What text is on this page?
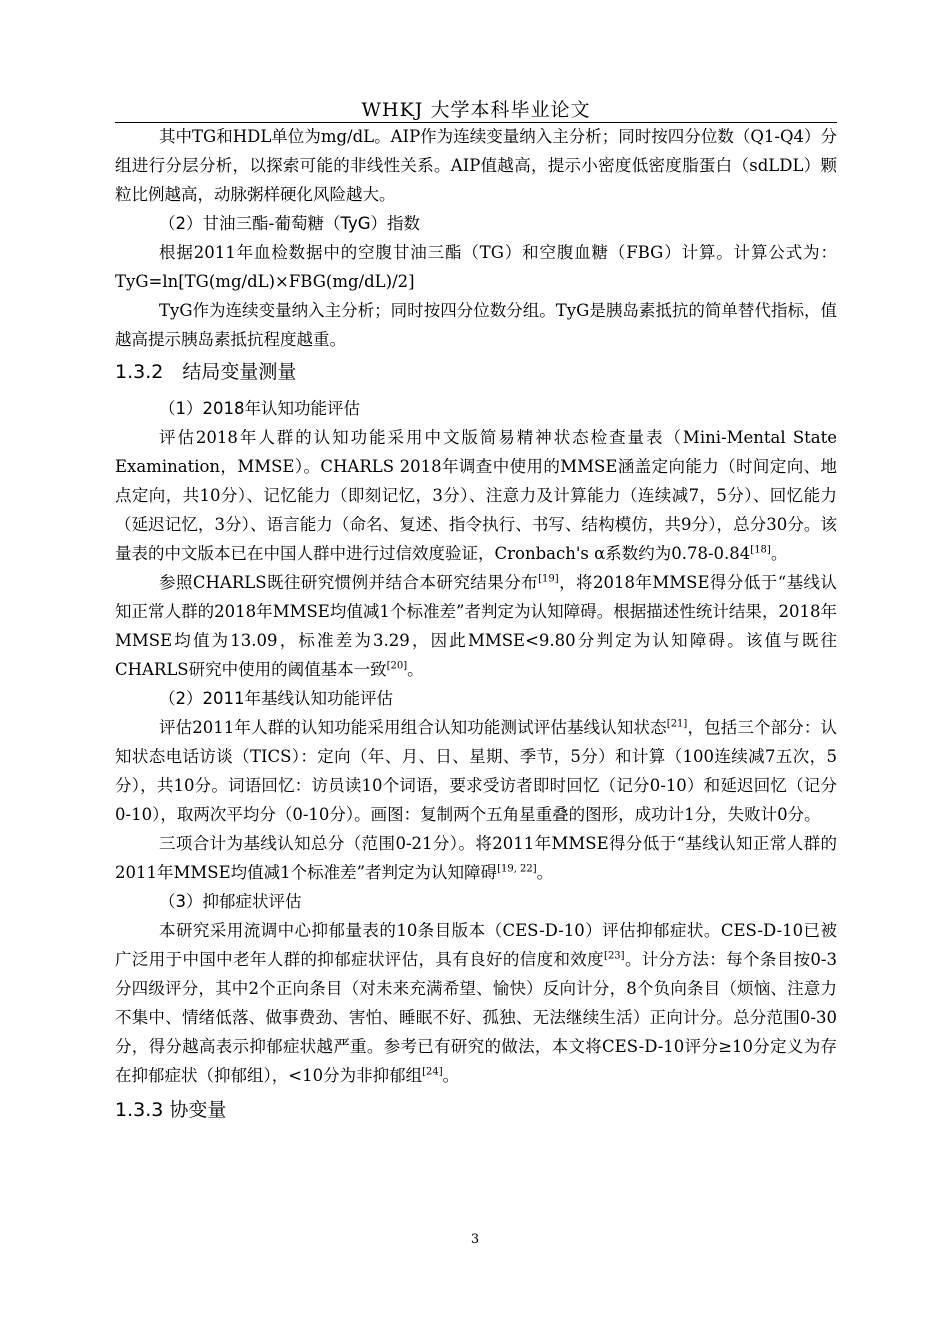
WHKJ 大学本科毕业论文

其中TG和HDL单位为mg/dL。AIP作为连续变量纳入主分析；同时按四分位数（Q1-Q4）分组进行分层分析，以探索可能的非线性关系。AIP值越高，提示小密度低密度脂蛋白（sdLDL）颗粒比例越高，动脉粥样硬化风险越大。

（2）甘油三酯-葡萄糖（TyG）指数

根据2011年血检数据中的空腹甘油三酯（TG）和空腹血糖（FBG）计算。计算公式为：TyG=ln[TG(mg/dL)×FBG(mg/dL)/2]

TyG作为连续变量纳入主分析；同时按四分位数分组。TyG是胰岛素抵抗的简单替代指标，值越高提示胰岛素抵抗程度越重。

1.3.2　结局变量测量
（1）2018年认知功能评估

评估2018年人群的认知功能采用中文版简易精神状态检查量表（Mini-Mental State Examination，MMSE）。CHARLS 2018年调查中使用的MMSE涵盖定向能力（时间定向、地点定向，共10分）、记忆能力（即刻记忆，3分）、注意力及计算能力（连续减7，5分）、回忆能力（延迟记忆，3分）、语言能力（命名、复述、指令执行、书写、结构模仿，共9分），总分30分。该量表的中文版本已在中国人群中进行过信效度验证，Cronbach's α系数约为0.78-0.84[18]。

参照CHARLS既往研究惯例并结合本研究结果分布[19]，将2018年MMSE得分低于“基线认知正常人群的2018年MMSE均值减1个标准差”者判定为认知障碍。根据描述性统计结果，2018年MMSE均值为13.09，标准差为3.29，因此MMSE<9.80分判定为认知障碍。该值与既往CHARLS研究中使用的阈值基本一致[20]。

（2）2011年基线认知功能评估

评估2011年人群的认知功能采用组合认知功能测试评估基线认知状态[21]，包括三个部分：认知状态电话访谈（TICS）：定向（年、月、日、星期、季节，5分）和计算（100连续减7五次，5分），共10分。词语回忆：访员读10个词语，要求受访者即时回忆（记分0-10）和延迟回忆（记分0-10），取两次平均分（0-10分）。画图：复制两个五角星重叠的图形，成功计1分，失败计0分。

三项合计为基线认知总分（范围0-21分）。将2011年MMSE得分低于“基线认知正常人群的2011年MMSE均值减1个标准差”者判定为认知障碍[19, 22]。

（3）抑郁症状评估

本研究采用流调中心抑郁量表的10条目版本（CES-D-10）评估抑郁症状。CES-D-10已被广泛用于中国中老年人群的抑郁症状评估，具有良好的信度和效度[23]。计分方法：每个条目按0-3分四级评分，其中2个正向条目（对未来充满希望、愉快）反向计分，8个负向条目（烦恼、注意力不集中、情绪低落、做事费劲、害怕、睡眠不好、孤独、无法继续生活）正向计分。总分范围0-30分，得分越高表示抑郁症状越严重。参考已有研究的做法，本文将CES-D-10评分≥10分定义为存在抑郁症状（抑郁组），<10分为非抑郁组[24]。

1.3.3 协变量
3
